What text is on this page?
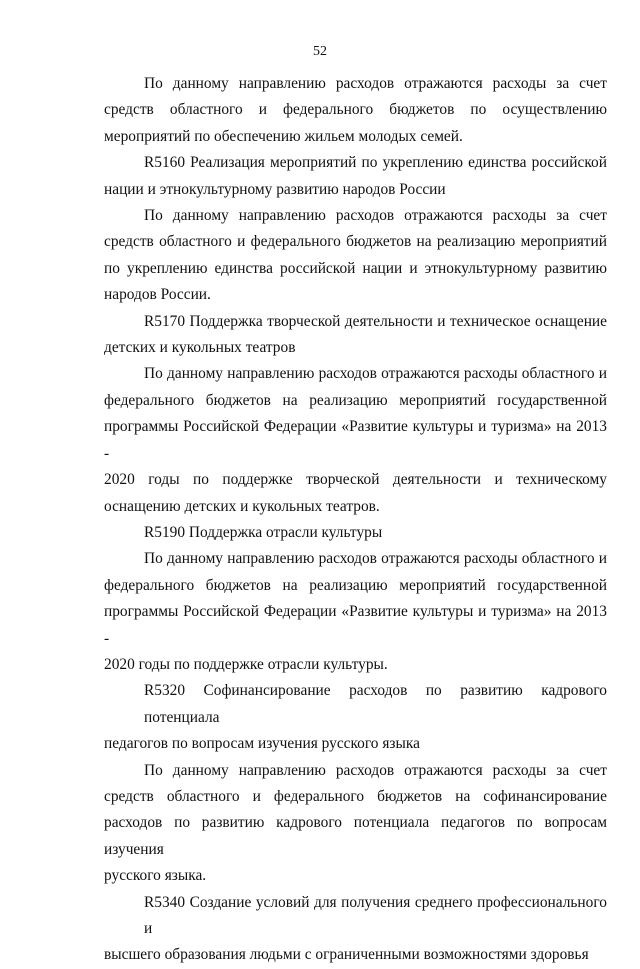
52

По данному направлению расходов отражаются расходы за счет
средств областного и федерального бюджетов по осуществлению
мероприятий по обеспечению жильем молодых семей.

R5160 Реализация мероприятий по укреплению единства российской
нации и этнокультурному развитию народов России

По данному направлению расходов отражаются расходы за счет
средств областного и федерального бюджетов на реализацию мероприятий
по укреплению единства российской нации и этнокультурному развитию
народов России.

R5170 Поддержка творческой деятельности и техническое оснащение
детских и кукольных театров

По данному направлению расходов отражаются расходы областного и
федерального бюджетов на реализацию мероприятий государственной
программы Российской Федерации «Развитие культуры и туризма» на 2013 -
2020 годы по поддержке творческой деятельности и техническому
оснащению детских и кукольных театров.

R5190 Поддержка отрасли культуры

По данному направлению расходов отражаются расходы областного и
федерального бюджетов на реализацию мероприятий государственной
программы Российской Федерации «Развитие культуры и туризма» на 2013 -
2020 годы по поддержке отрасли культуры.

R5320 Софинансирование расходов по развитию кадрового потенциала
педагогов по вопросам изучения русского языка

По данному направлению расходов отражаются расходы за счет
средств областного и федерального бюджетов на софинансирование
расходов по развитию кадрового потенциала педагогов по вопросам изучения
русского языка.

R5340 Создание условий для получения среднего профессионального и
высшего образования людьми с ограниченными возможностями здоровья
